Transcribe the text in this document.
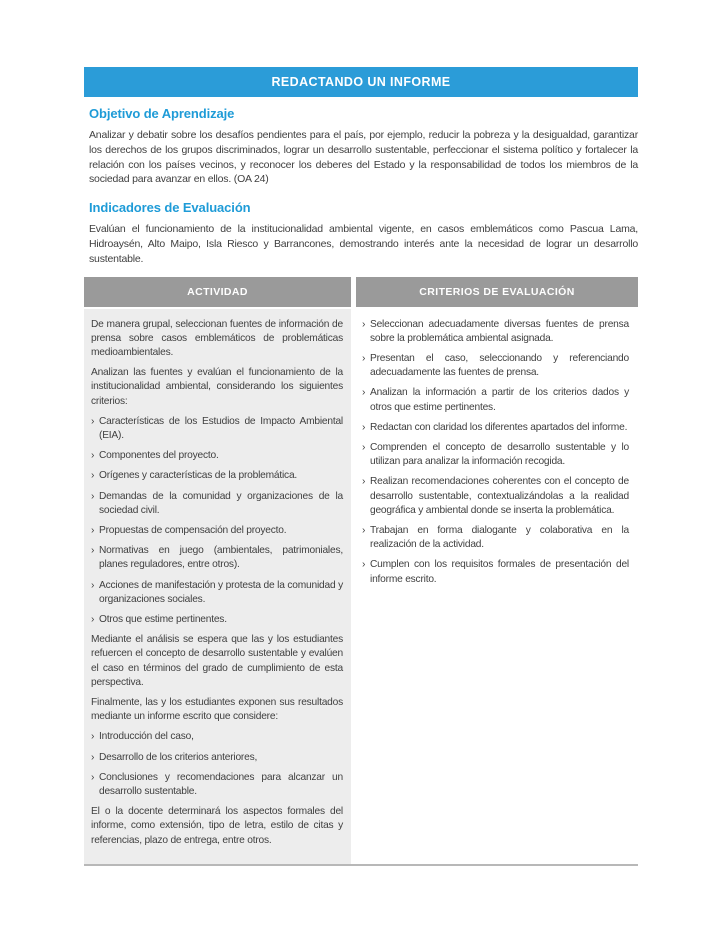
REDACTANDO UN INFORME
Objetivo de Aprendizaje

Analizar y debatir sobre los desafíos pendientes para el país, por ejemplo, reducir la pobreza y la desigualdad, garantizar los derechos de los grupos discriminados, lograr un desarrollo sustentable, perfeccionar el sistema político y fortalecer la relación con los países vecinos, y reconocer los deberes del Estado y la responsabilidad de todos los miembros de la sociedad para avanzar en ellos. (OA 24)

Indicadores de Evaluación

Evalúan el funcionamiento de la institucionalidad ambiental vigente, en casos emblemáticos como Pascua Lama, Hidroaysén, Alto Maipo, Isla Riesco y Barrancones, demostrando interés ante la necesidad de lograr un desarrollo sustentable.

ACTIVIDAD	CRITERIOS DE EVALUACIÓN

De manera grupal, seleccionan fuentes de información de prensa sobre casos emblemáticos de problemáticas medioambientales.

Analizan las fuentes y evalúan el funcionamiento de la institucionalidad ambiental, considerando los siguientes criterios:

› Características de los Estudios de Impacto Ambiental (EIA).
› Componentes del proyecto.
› Orígenes y características de la problemática.
› Demandas de la comunidad y organizaciones de la sociedad civil.
› Propuestas de compensación del proyecto.
› Normativas en juego (ambientales, patrimoniales, planes reguladores, entre otros).
› Acciones de manifestación y protesta de la comunidad y organizaciones sociales.
› Otros que estime pertinentes.

Mediante el análisis se espera que las y los estudiantes refuercen el concepto de desarrollo sustentable y evalúen el caso en términos del grado de cumplimiento de esta perspectiva.

Finalmente, las y los estudiantes exponen sus resultados mediante un informe escrito que considere:

› Introducción del caso,
› Desarrollo de los criterios anteriores,
› Conclusiones y recomendaciones para alcanzar un desarrollo sustentable.

El o la docente determinará los aspectos formales del informe, como extensión, tipo de letra, estilo de citas y referencias, plazo de entrega, entre otros.

› Seleccionan adecuadamente diversas fuentes de prensa sobre la problemática ambiental asignada.
› Presentan el caso, seleccionando y referenciando adecuadamente las fuentes de prensa.
› Analizan la información a partir de los criterios dados y otros que estime pertinentes.
› Redactan con claridad los diferentes apartados del informe.
› Comprenden el concepto de desarrollo sustentable y lo utilizan para analizar la información recogida.
› Realizan recomendaciones coherentes con el concepto de desarrollo sustentable, contextualizándolas a la realidad geográfica y ambiental donde se inserta la problemática.
› Trabajan en forma dialogante y colaborativa en la realización de la actividad.
› Cumplen con los requisitos formales de presentación del informe escrito.
